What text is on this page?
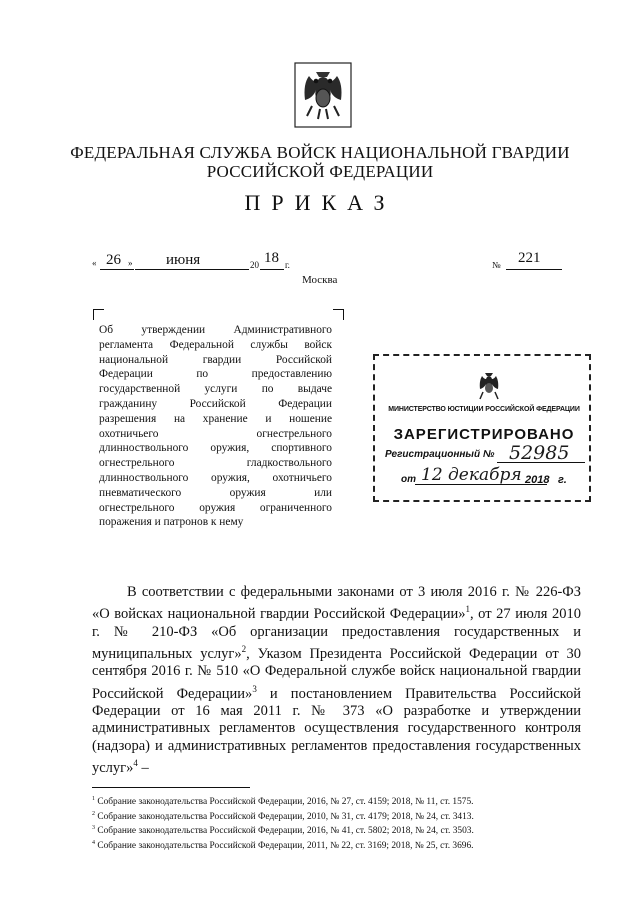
ФЕДЕРАЛЬНАЯ СЛУЖБА ВОЙСК НАЦИОНАЛЬНОЙ ГВАРДИИ
РОССИЙСКОЙ ФЕДЕРАЦИИ
ПРИКАЗ
« 26 » июня	20 18 г.	№ 221
Москва

Об утверждении Административного

регламента Федеральной службы войск

национальной гвардии Российской

Федерации по предоставлению

государственной услуги по выдаче

гражданину Российской Федерации

разрешения на хранение и ношение

охотничьего огнестрельного

длинноствольного оружия, спортивного

огнестрельного гладкоствольного

длинноствольного оружия, охотничьего

пневматического оружия или

огнестрельного оружия ограниченного

поражения и патронов к нему

МИНИСТЕРСТВО ЮСТИЦИИ РОССИЙСКОЙ ФЕДЕРАЦИИ
ЗАРЕГИСТРИРОВАНО
Регистрационный № 52985
от 12 декабря 2018 г.

В соответствии с федеральными законами от 3 июля 2016 г. № 226-ФЗ «О войсках национальной гвардии Российской Федерации»$^1$, от 27 июля 2010 г. № 210-ФЗ «Об организации предоставления государственных и муниципальных услуг»$^2$, Указом Президента Российской Федерации от 30 сентября 2016 г. № 510 «О Федеральной службе войск национальной гвардии Российской Федерации»$^3$ и постановлением Правительства Российской Федерации от 16 мая 2011 г. № 373 «О разработке и утверждении административных регламентов осуществления государственного контроля (надзора) и административных регламентов предоставления государственных услуг»$^4$ –

$^1$ Собрание законодательства Российской Федерации, 2016, № 27, ст. 4159; 2018, № 11, ст. 1575.
$^2$ Собрание законодательства Российской Федерации, 2010, № 31, ст. 4179; 2018, № 24, ст. 3413.
$^3$ Собрание законодательства Российской Федерации, 2016, № 41, ст. 5802; 2018, № 24, ст. 3503.
$^4$ Собрание законодательства Российской Федерации, 2011, № 22, ст. 3169; 2018, № 25, ст. 3696.
